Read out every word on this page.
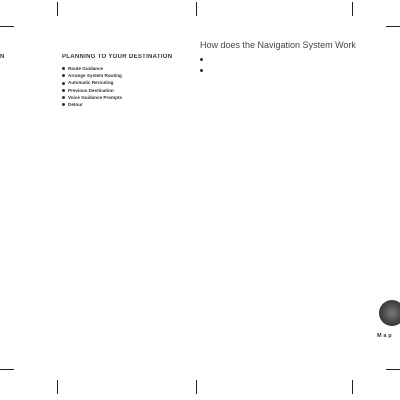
N	PLANNING TO YOUR DESTINATION
Route Guidance
Arrange System Routing
Automatic Rerouting
Previous Destination
Voice Guidance Prompts
Detour
How does the Navigation System Work
Map
